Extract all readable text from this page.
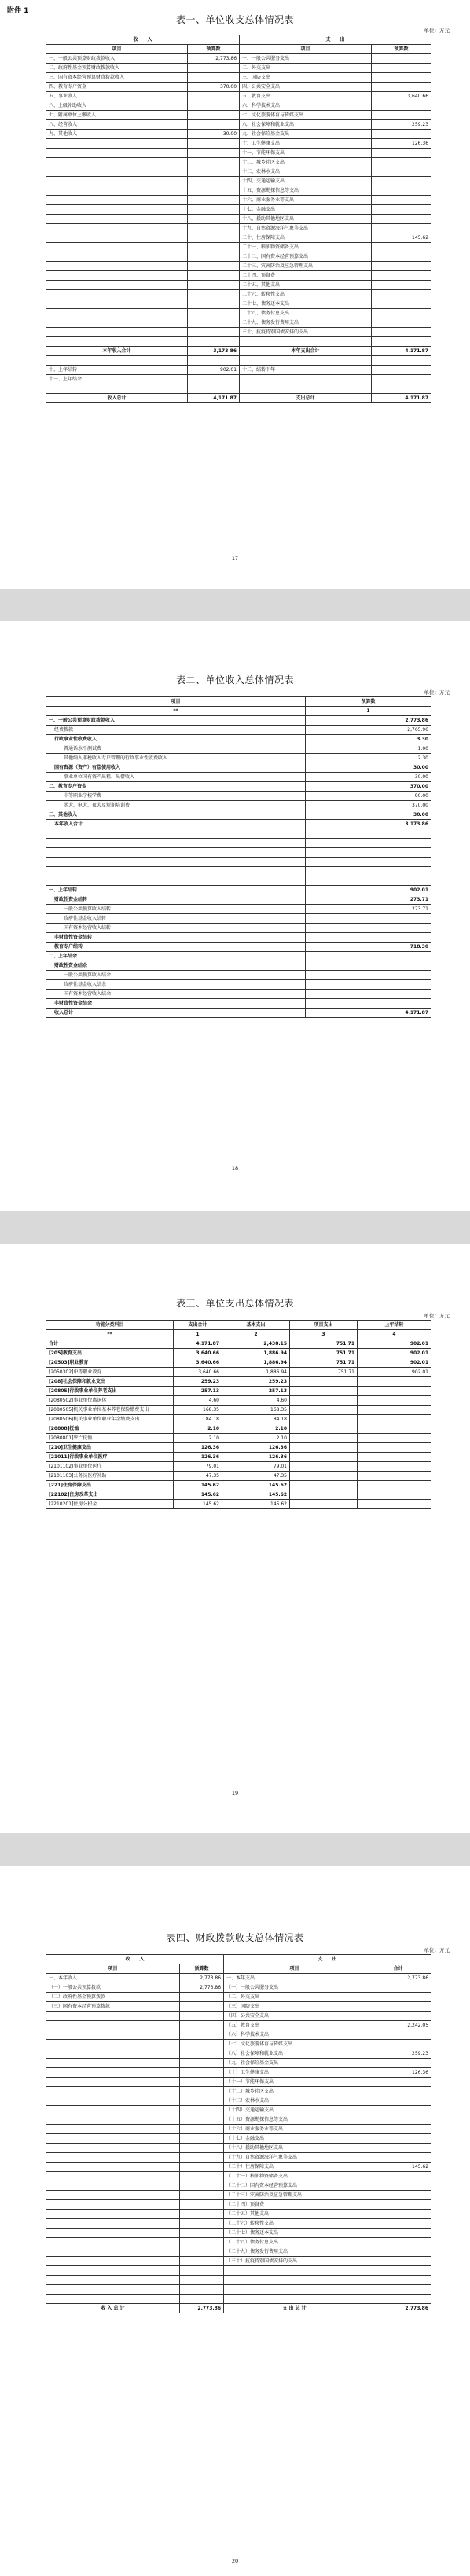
附件 1
表一、单位收支总体情况表
单位：万元
收　　入		支　　出	
项目	预算数	项目	预算数
一、一般公共预算财政拨款收入	2,773.86	一、一般公共服务支出	
二、政府性基金预算财政拨款收入		二、外交支出	
三、国有资本经营预算财政拨款收入		三、国防支出	
四、教育专户资金	370.00	四、公共安全支出	
五、事业收入		五、教育支出	3,640.66
六、上级补助收入		六、科学技术支出	
七、附属单位上缴收入		七、文化旅游体育与传媒支出	
八、经营收入		八、社会保障和就业支出	259.23
九、其他收入	30.00	九、社会保险基金支出	
		十、卫生健康支出	126.36
		十一、节能环保支出	
		十二、城乡社区支出	
		十三、农林水支出	
		十四、交通运输支出	
		十五、资源勘探信息等支出	
		十六、商业服务业等支出	
		十七、金融支出	
		十八、援助其他地区支出	
		十九、自然资源海洋气象等支出	
		二十、住房保障支出	145.62
		二十一、粮油物资储备支出	
		二十二、国有资本经营预算支出	
		二十三、灾害防治及应急管理支出	
		二十四、预备费	
		二十五、其他支出	
		二十六、转移性支出	
		二十七、债务还本支出	
		二十八、债务付息支出	
		二十九、债务发行费用支出	
		三十、抗疫特别国债安排的支出	

本年收入合计	3,173.86	本年支出合计	4,171.87

十、上年结转	902.01	十二、结转下年	
十一、上年结余			

收入总计	4,171.87	支出总计	4,171.87
17
表二、单位收入总体情况表
单位：万元
项目	预算数
**	1
一、一般公共预算财政拨款收入	2,773.86
经费拨款	2,765.96
行政事业性收费收入	3.30
普通话水平测试费	1.00
其他纳入非税收入专户管理的行政事业性收费收入	2.30
国有资源（资产）有偿使用收入	30.00
事业单位国有资产出租、出借收入	30.00
二、教育专户资金	370.00
中等职业学校学费	90.00
函大、电大、夜大及短期培训费	370.00
三、其他收入	30.00
本年收入合计	3,173.86

一、上年结转	902.01
财政性资金结转	273.71
一般公共预算收入结转	273.71
政府性基金收入结转	
国有资本经营收入结转	
非财政性资金结转	
教育专户结转	718.30
二、上年结余	
财政性资金结余	
一般公共预算收入结余	
政府性基金收入结余	
国有资本经营收入结余	
非财政性资金结余	
收入总计	4,171.87
18
表三、单位支出总体情况表
单位：万元
功能分类科目	支出合计	基本支出	项目支出	上年结转
**	1	2	3	4
合计	4,171.87	2,438.15	751.71	902.01
[205]教育支出	3,640.66	1,886.94	751.71	902.01
[20503]职业教育	3,640.66	1,886.94	751.71	902.01
[2050302]中等职业教育	3,640.66	1,886.94	751.71	902.01
[208]社会保障和就业支出	259.23	259.23		
[20805]行政事业单位养老支出	257.13	257.13		
[2080502]事业单位离退休	4.60	4.60		
[2080505]机关事业单位基本养老保险缴费支出	168.35	168.35		
[2080506]机关事业单位职业年金缴费支出	84.18	84.18		
[20808]抚恤	2.10	2.10		
[2080801]死亡抚恤	2.10	2.10		
[210]卫生健康支出	126.36	126.36		
[21011]行政事业单位医疗	126.36	126.36		
[2101102]事业单位医疗	79.01	79.01		
[2101103]公务员医疗补助	47.35	47.35		
[221]住房保障支出	145.62	145.62		
[22102]住房改革支出	145.62	145.62		
[2210201]住房公积金	145.62	145.62		
19
表四、财政拨款收支总体情况表
单位：万元
收　　入		支　　出	
项目	预算数	项目	合计
一、本年收入	2,773.86	一、本年支出	2,773.86
（一）一般公共预算拨款	2,773.86	（一）一般公共服务支出	
（二）政府性基金预算拨款		（二）外交支出	
（三）国有资本经营预算拨款		（三）国防支出	
		（四）公共安全支出	
		（五）教育支出	2,242.05
		（六）科学技术支出	
		（七）文化旅游体育与传媒支出	
		（八）社会保障和就业支出	259.23
		（九）社会保险基金支出	
		（十）卫生健康支出	126.36
		（十一）节能环保支出	
		（十二）城乡社区支出	
		（十三）农林水支出	
		（十四）交通运输支出	
		（十五）资源勘探信息等支出	
		（十六）商业服务业等支出	
		（十七）金融支出	
		（十八）援助其他地区支出	
		（十九）自然资源海洋气象等支出	
		（二十）住房保障支出	145.62
		（二十一）粮油物资储备支出	
		（二十二）国有资本经营预算支出	
		（二十三）灾害防治及应急管理支出	
		（二十四）预备费	
		（二十五）其他支出	
		（二十六）转移性支出	
		（二十七）债务还本支出	
		（二十八）债务付息支出	
		（二十九）债务发行费用支出	
		（三十）抗疫特别国债安排的支出	

收 入 总 计	2,773.86	支 出 总 计	2,773.86
20
